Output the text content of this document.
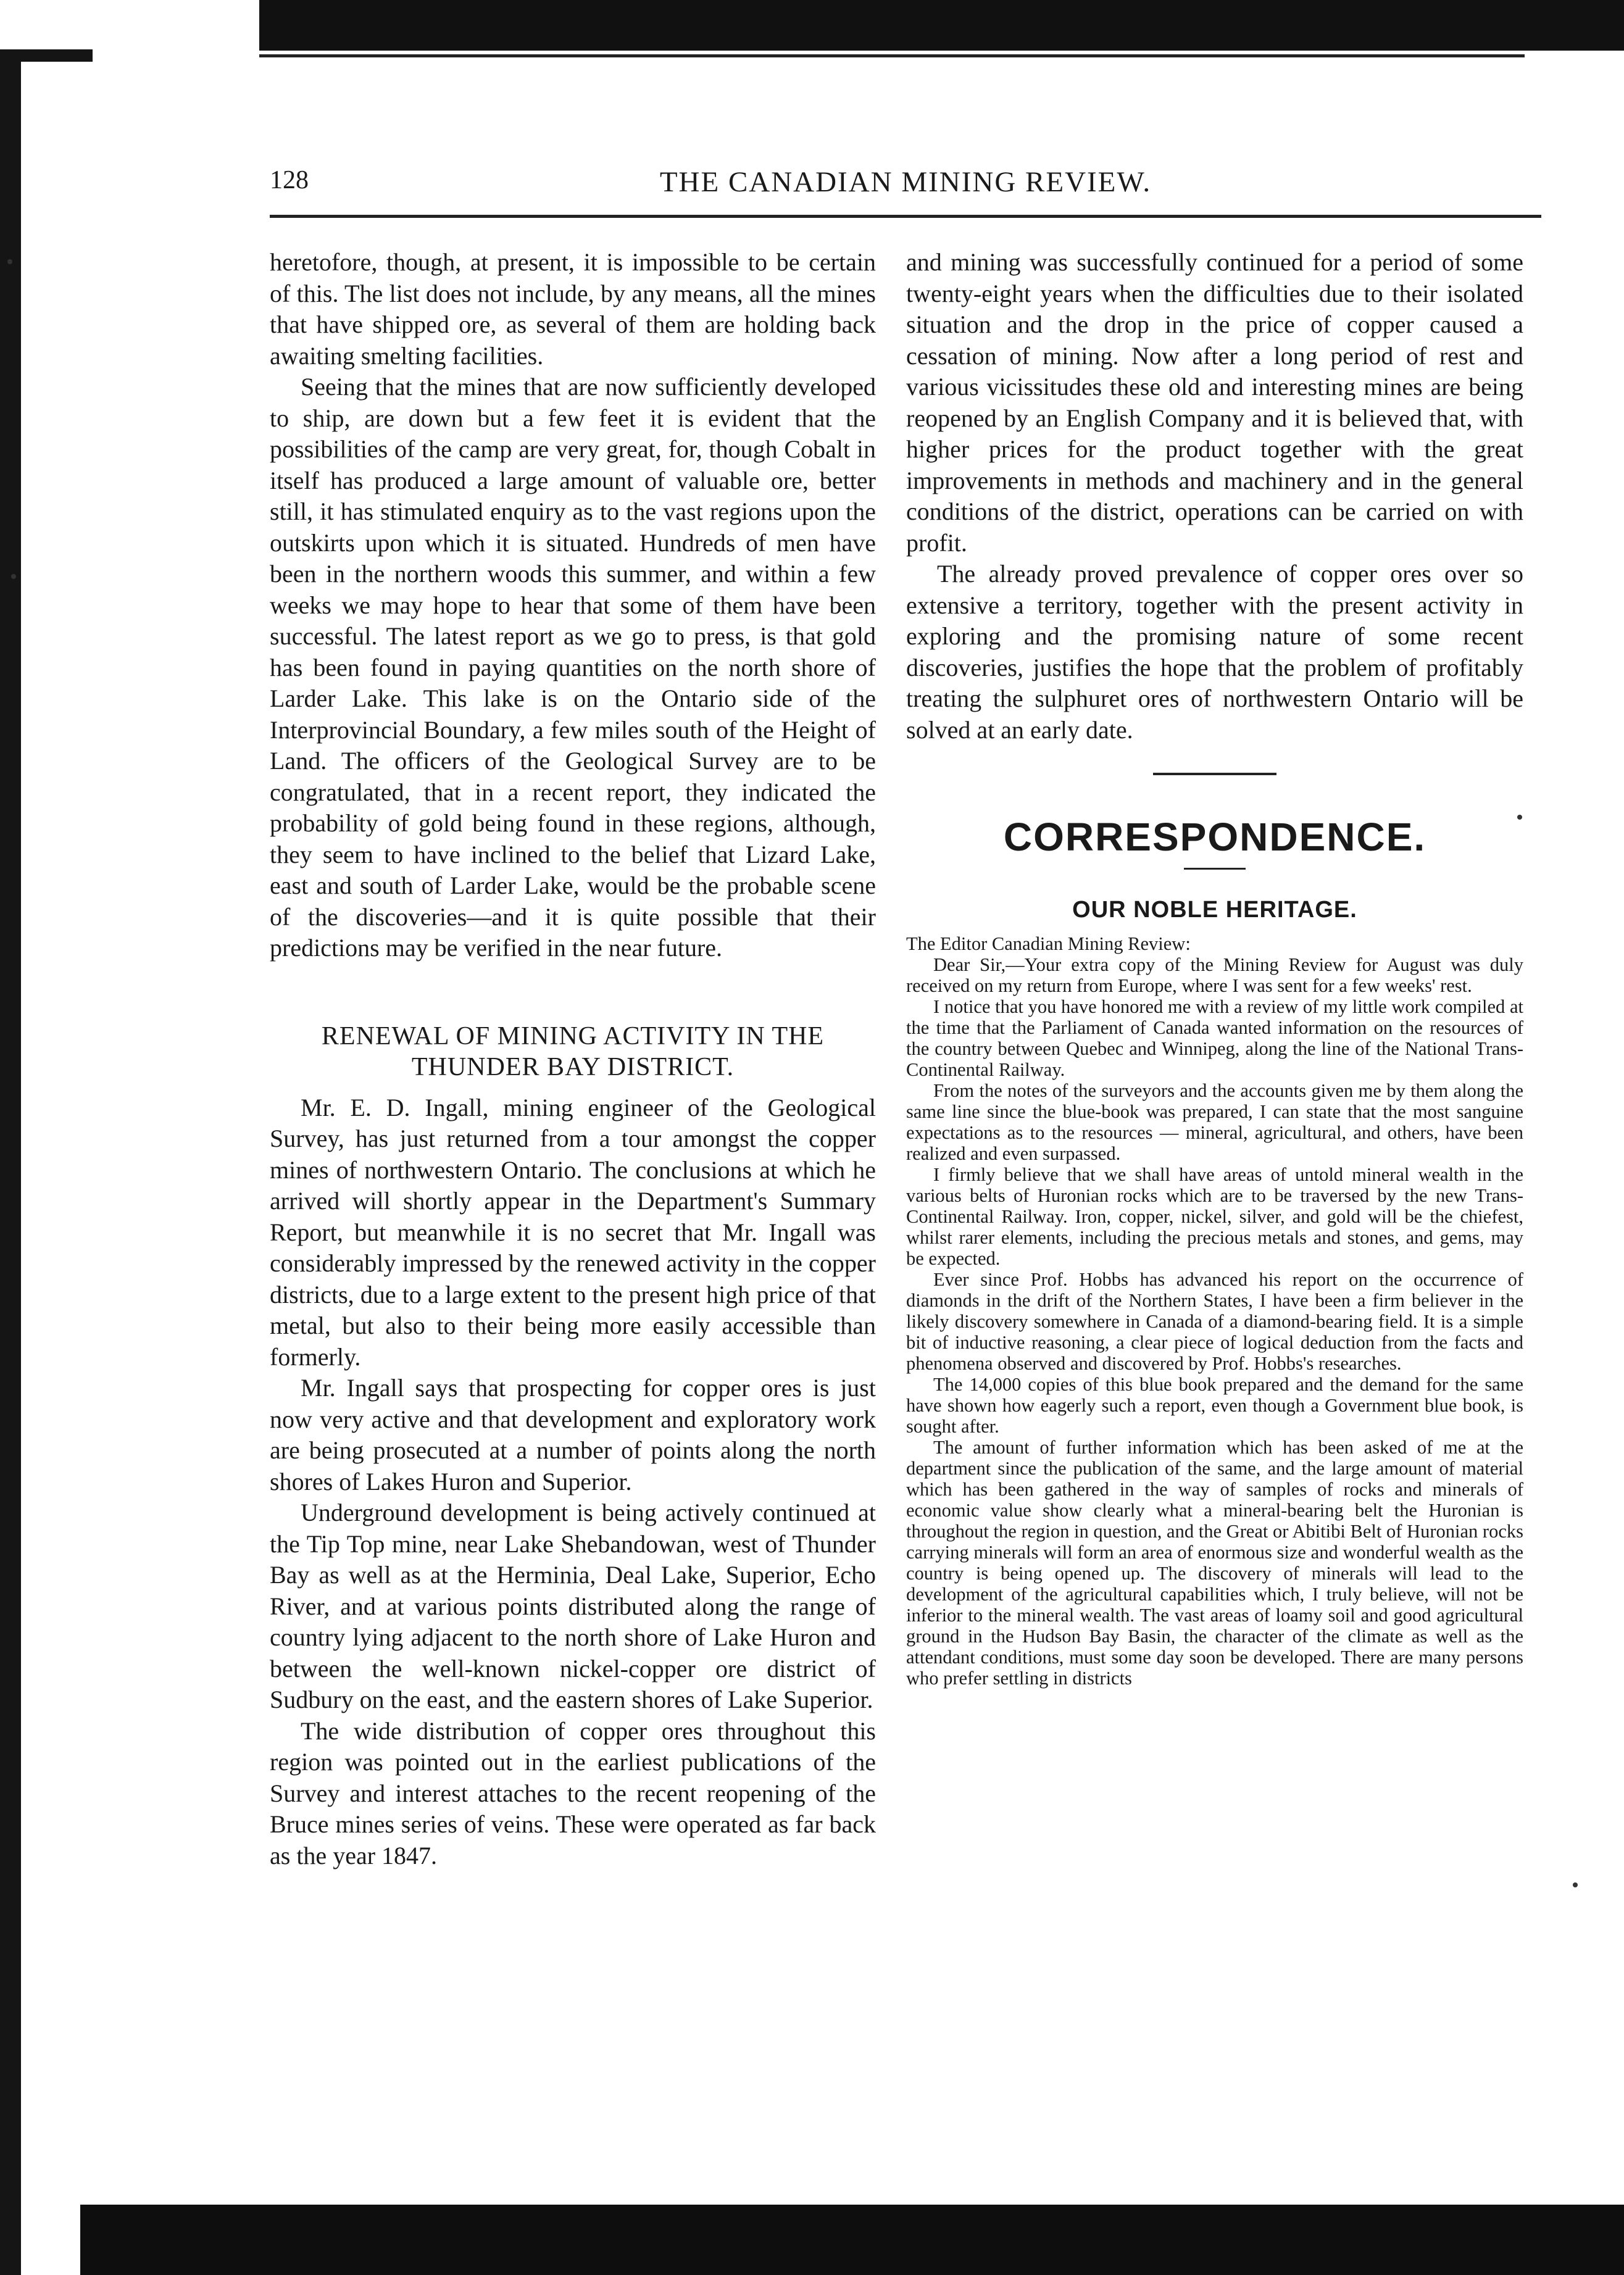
128	THE CANADIAN MINING REVIEW.

heretofore, though, at present, it is impossible to be certain of this. The list does not include, by any means, all the mines that have shipped ore, as several of them are holding back awaiting smelting facilities.

Seeing that the mines that are now sufficiently developed to ship, are down but a few feet it is evident that the possibilities of the camp are very great, for, though Cobalt in itself has produced a large amount of valuable ore, better still, it has stimulated enquiry as to the vast regions upon the outskirts upon which it is situated. Hundreds of men have been in the northern woods this summer, and within a few weeks we may hope to hear that some of them have been successful. The latest report as we go to press, is that gold has been found in paying quantities on the north shore of Larder Lake. This lake is on the Ontario side of the Interprovincial Boundary, a few miles south of the Height of Land. The officers of the Geological Survey are to be congratulated, that in a recent report, they indicated the probability of gold being found in these regions, although, they seem to have inclined to the belief that Lizard Lake, east and south of Larder Lake, would be the probable scene of the discoveries—and it is quite possible that their predictions may be verified in the near future.

RENEWAL OF MINING ACTIVITY IN THE THUNDER BAY DISTRICT.

Mr. E. D. Ingall, mining engineer of the Geological Survey, has just returned from a tour amongst the copper mines of northwestern Ontario. The conclusions at which he arrived will shortly appear in the Department's Summary Report, but meanwhile it is no secret that Mr. Ingall was considerably impressed by the renewed activity in the copper districts, due to a large extent to the present high price of that metal, but also to their being more easily accessible than formerly.

Mr. Ingall says that prospecting for copper ores is just now very active and that development and exploratory work are being prosecuted at a number of points along the north shores of Lakes Huron and Superior.

Underground development is being actively continued at the Tip Top mine, near Lake Shebandowan, west of Thunder Bay as well as at the Herminia, Deal Lake, Superior, Echo River, and at various points distributed along the range of country lying adjacent to the north shore of Lake Huron and between the well-known nickel-copper ore district of Sudbury on the east, and the eastern shores of Lake Superior.

The wide distribution of copper ores throughout this region was pointed out in the earliest publications of the Survey and interest attaches to the recent reopening of the Bruce mines series of veins. These were operated as far back as the year 1847.

and mining was successfully continued for a period of some twenty-eight years when the difficulties due to their isolated situation and the drop in the price of copper caused a cessation of mining. Now after a long period of rest and various vicissitudes these old and interesting mines are being reopened by an English Company and it is believed that, with higher prices for the product together with the great improvements in methods and machinery and in the general conditions of the district, operations can be carried on with profit.

The already proved prevalence of copper ores over so extensive a territory, together with the present activity in exploring and the promising nature of some recent discoveries, justifies the hope that the problem of profitably treating the sulphuret ores of northwestern Ontario will be solved at an early date.

CORRESPONDENCE.
OUR NOBLE HERITAGE.

The Editor Canadian Mining Review:

Dear Sir,—Your extra copy of the Mining Review for August was duly received on my return from Europe, where I was sent for a few weeks' rest.

I notice that you have honored me with a review of my little work compiled at the time that the Parliament of Canada wanted information on the resources of the country between Quebec and Winnipeg, along the line of the National Trans-Continental Railway.

From the notes of the surveyors and the accounts given me by them along the same line since the blue-book was prepared, I can state that the most sanguine expectations as to the resources — mineral, agricultural, and others, have been realized and even surpassed.

I firmly believe that we shall have areas of untold mineral wealth in the various belts of Huronian rocks which are to be traversed by the new Trans-Continental Railway. Iron, copper, nickel, silver, and gold will be the chiefest, whilst rarer elements, including the precious metals and stones, and gems, may be expected.

Ever since Prof. Hobbs has advanced his report on the occurrence of diamonds in the drift of the Northern States, I have been a firm believer in the likely discovery somewhere in Canada of a diamond-bearing field. It is a simple bit of inductive reasoning, a clear piece of logical deduction from the facts and phenomena observed and discovered by Prof. Hobbs's researches.

The 14,000 copies of this blue book prepared and the demand for the same have shown how eagerly such a report, even though a Government blue book, is sought after.

The amount of further information which has been asked of me at the department since the publication of the same, and the large amount of material which has been gathered in the way of samples of rocks and minerals of economic value show clearly what a mineral-bearing belt the Huronian is throughout the region in question, and the Great or Abitibi Belt of Huronian rocks carrying minerals will form an area of enormous size and wonderful wealth as the country is being opened up. The discovery of minerals will lead to the development of the agricultural capabilities which, I truly believe, will not be inferior to the mineral wealth. The vast areas of loamy soil and good agricultural ground in the Hudson Bay Basin, the character of the climate as well as the attendant conditions, must some day soon be developed. There are many persons who prefer settling in districts
